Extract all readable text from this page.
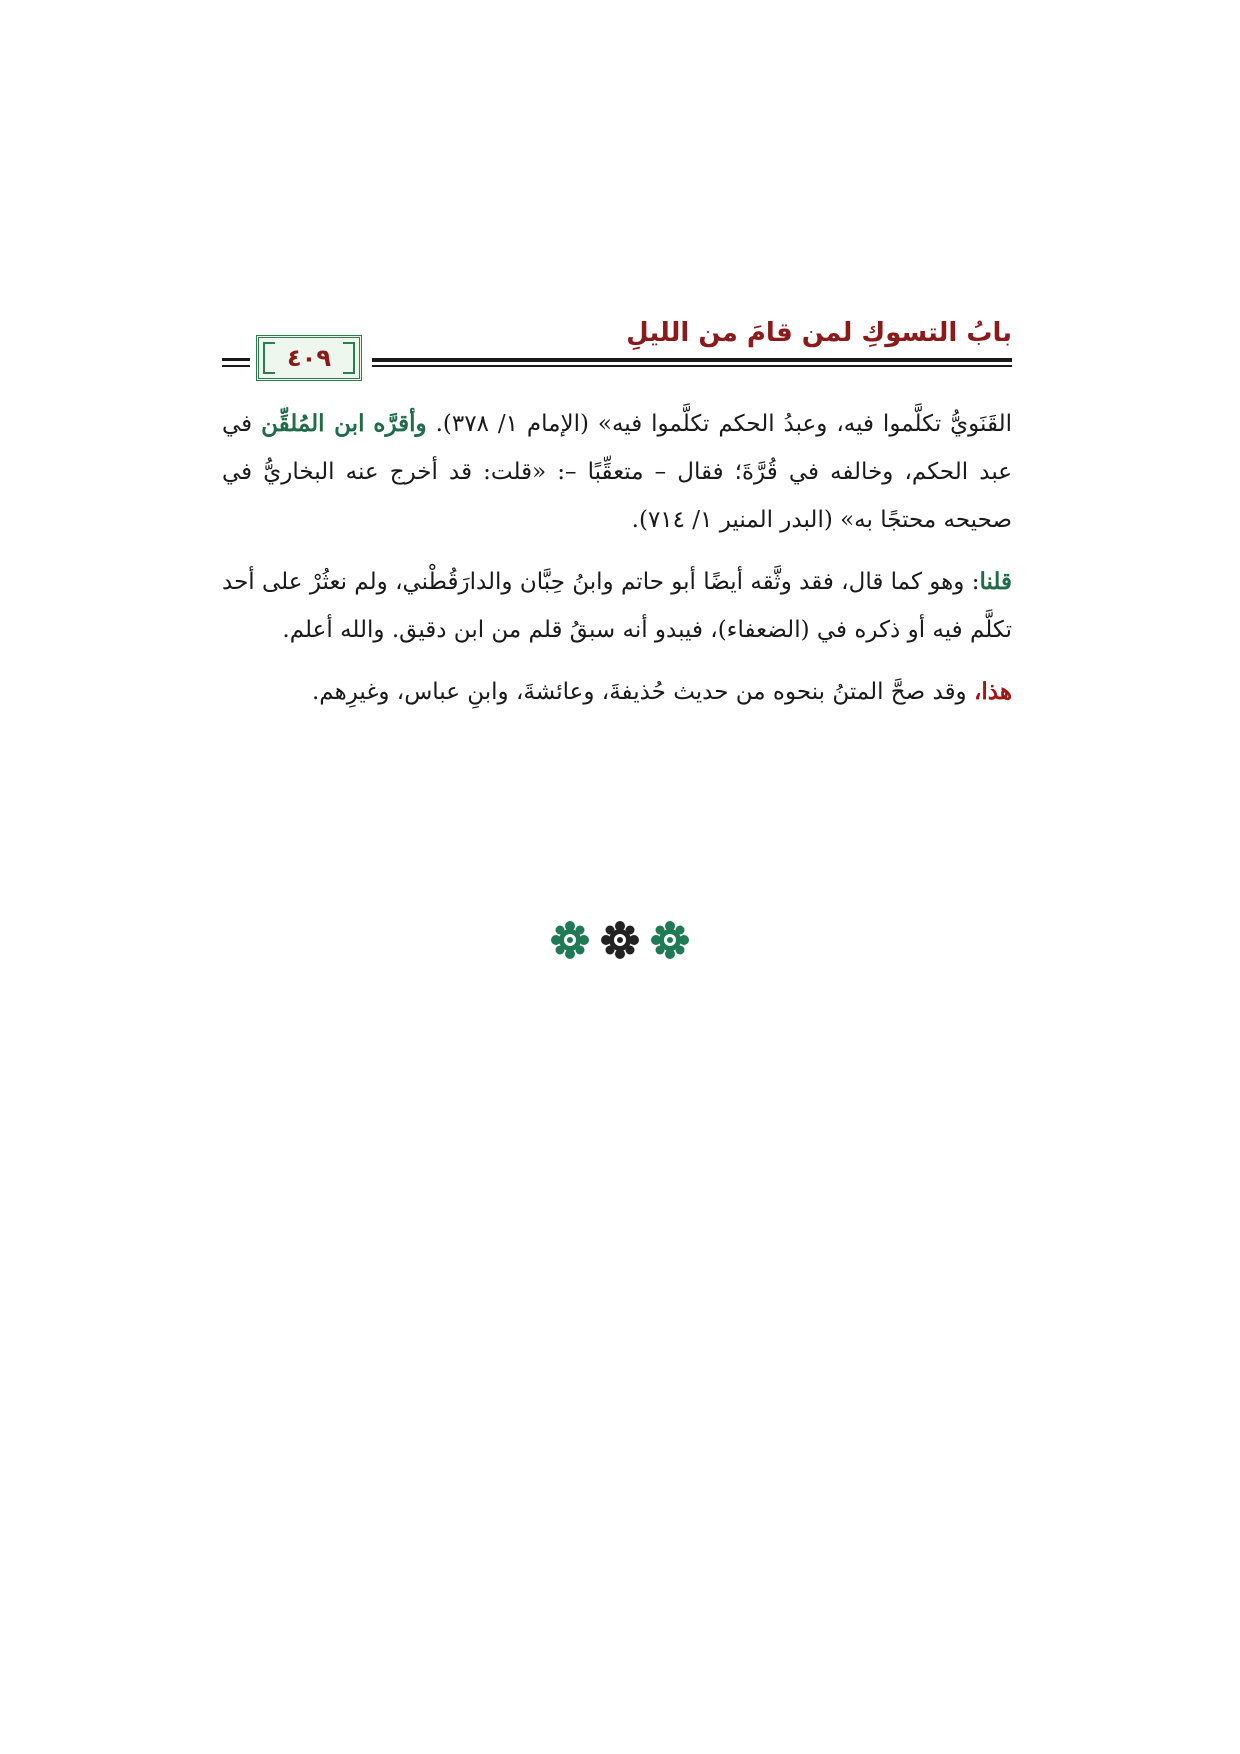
بابُ التسوكِ لمن قامَ من الليلِ
٤٠٩

القَنَويُّ تكلَّموا فيه، وعبدُ الحكم تكلَّموا فيه» (الإمام ١/ ٣٧٨). وأقرَّه ابن المُلقِّن في عبد الحكم، وخالفه في قُرَّةَ؛ فقال – متعقِّبًا –: «قلت: قد أخرج عنه البخاريُّ في صحيحه محتجًا به» (البدر المنير ١/ ٧١٤).

قلنا: وهو كما قال، فقد وثَّقه أيضًا أبو حاتم وابنُ حِبَّان والدارَقُطْني، ولم نعثُرْ على أحد تكلَّم فيه أو ذكره في (الضعفاء)، فيبدو أنه سبقُ قلم من ابن دقيق. والله أعلم.

هذا، وقد صحَّ المتنُ بنحوه من حديث حُذيفةَ، وعائشةَ، وابنِ عباس، وغيرِهم.
